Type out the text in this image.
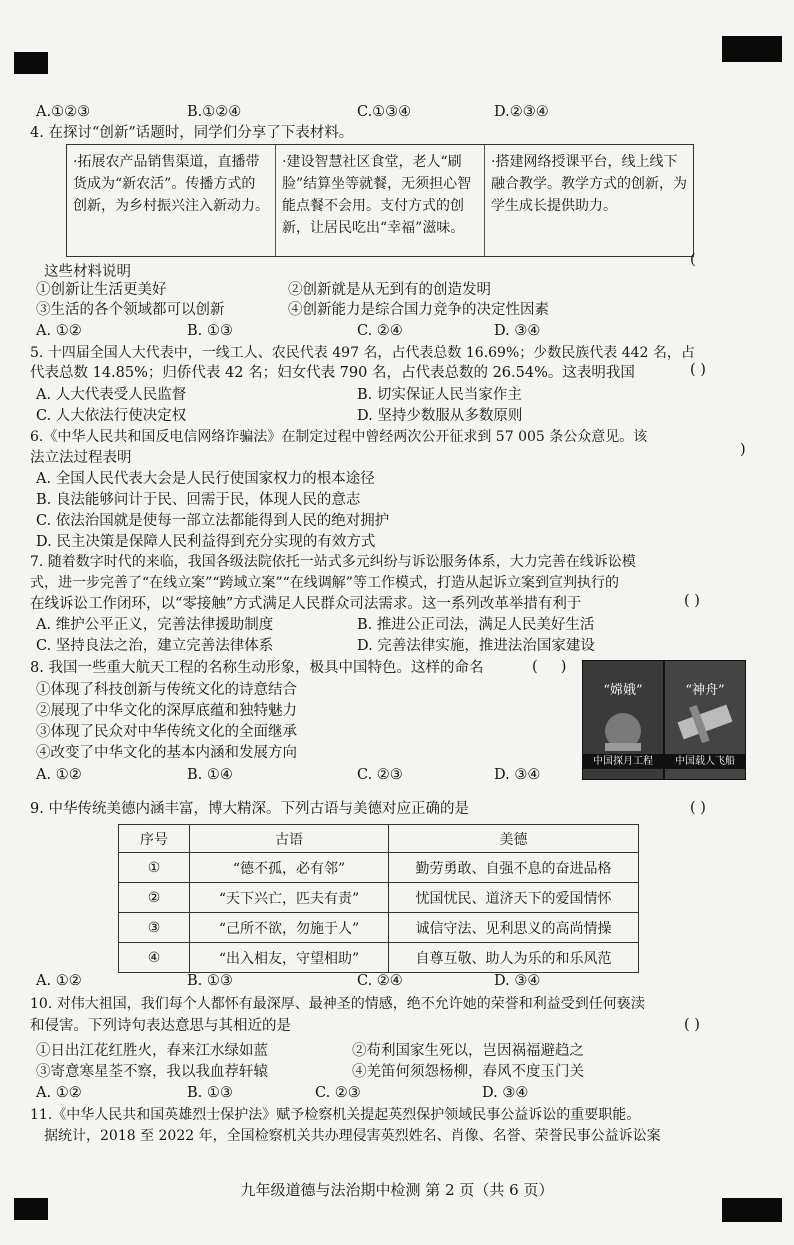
A.①②③	B.①②④	C.①③④	D.②③④
4. 在探讨“创新”话题时，同学们分享了下表材料。
·拓展农产品销售渠道，直播带货成为“新农活”。传播方式的创新，为乡村振兴注入新动力。
·建设智慧社区食堂，老人“刷脸”结算坐等就餐，无须担心智能点餐不会用。支付方式的创新，让居民吃出“幸福”滋味。
·搭建网络授课平台，线上线下融合教学。教学方式的创新，为学生成长提供助力。
这些材料说明
(
①创新让生活更美好	②创新就是从无到有的创造发明
③生活的各个领域都可以创新	④创新能力是综合国力竞争的决定性因素
A. ①②	B. ①③	C. ②④	D. ③④
5. 十四届全国人大代表中，一线工人、农民代表 497 名，占代表总数 16.69%；少数民族代表 442 名，占
代表总数 14.85%；归侨代表 42 名；妇女代表 790 名，占代表总数的 26.54%。这表明我国	( )
A. 人大代表受人民监督	B. 切实保证人民当家作主
C. 人大依法行使决定权	D. 坚持少数服从多数原则
6.《中华人民共和国反电信网络诈骗法》在制定过程中曾经两次公开征求到 57 005 条公众意见。该
法立法过程表明	)
A. 全国人民代表大会是人民行使国家权力的根本途径
B. 良法能够问计于民、回需于民，体现人民的意志
C. 依法治国就是使每一部立法都能得到人民的绝对拥护
D. 民主决策是保障人民利益得到充分实现的有效方式
7. 随着数字时代的来临，我国各级法院依托一站式多元纠纷与诉讼服务体系，大力完善在线诉讼模
式，进一步完善了“在线立案”“跨域立案”“在线调解”等工作模式，打造从起诉立案到宣判执行的
在线诉讼工作闭环，以“零接触”方式满足人民群众司法需求。这一系列改革举措有利于	( )
A. 维护公平正义，完善法律援助制度	B. 推进公正司法，满足人民美好生活
C. 坚持良法之治，建立完善法律体系	D. 完善法律实施，推进法治国家建设
8. 我国一些重大航天工程的名称生动形象，极具中国特色。这样的命名	(     )
①体现了科技创新与传统文化的诗意结合
②展现了中华文化的深厚底蕴和独特魅力
③体现了民众对中华传统文化的全面继承
④改变了中华文化的基本内涵和发展方向
A. ①②	B. ①④	C. ②③	D. ③④
“嫦娥”
中国探月工程
“神舟”
中国载人飞船
9. 中华传统美德内涵丰富，博大精深。下列古语与美德对应正确的是	( )
序号	古语	美德
①	“德不孤，必有邻”	勤劳勇敢、自强不息的奋进品格
②	“天下兴亡，匹夫有责”	忧国忧民、道济天下的爱国情怀
③	“己所不欲，勿施于人”	诚信守法、见利思义的高尚情操
④	“出入相友，守望相助”	自尊互敬、助人为乐的和乐风范
A. ①②	B. ①③	C. ②④	D. ③④
10. 对伟大祖国，我们每个人都怀有最深厚、最神圣的情感，绝不允许她的荣誉和利益受到任何亵渎
和侵害。下列诗句表达意思与其相近的是	( )
①日出江花红胜火，春来江水绿如蓝	②苟利国家生死以，岂因祸福避趋之
③寄意寒星荃不察，我以我血荐轩辕	④羌笛何须怨杨柳，春风不度玉门关
A. ①②	B. ①③	C. ②③	D. ③④
11.《中华人民共和国英雄烈士保护法》赋予检察机关提起英烈保护领域民事公益诉讼的重要职能。
据统计，2018 至 2022 年，全国检察机关共办理侵害英烈姓名、肖像、名誉、荣誉民事公益诉讼案
九年级道德与法治期中检测 第 2 页（共 6 页）
